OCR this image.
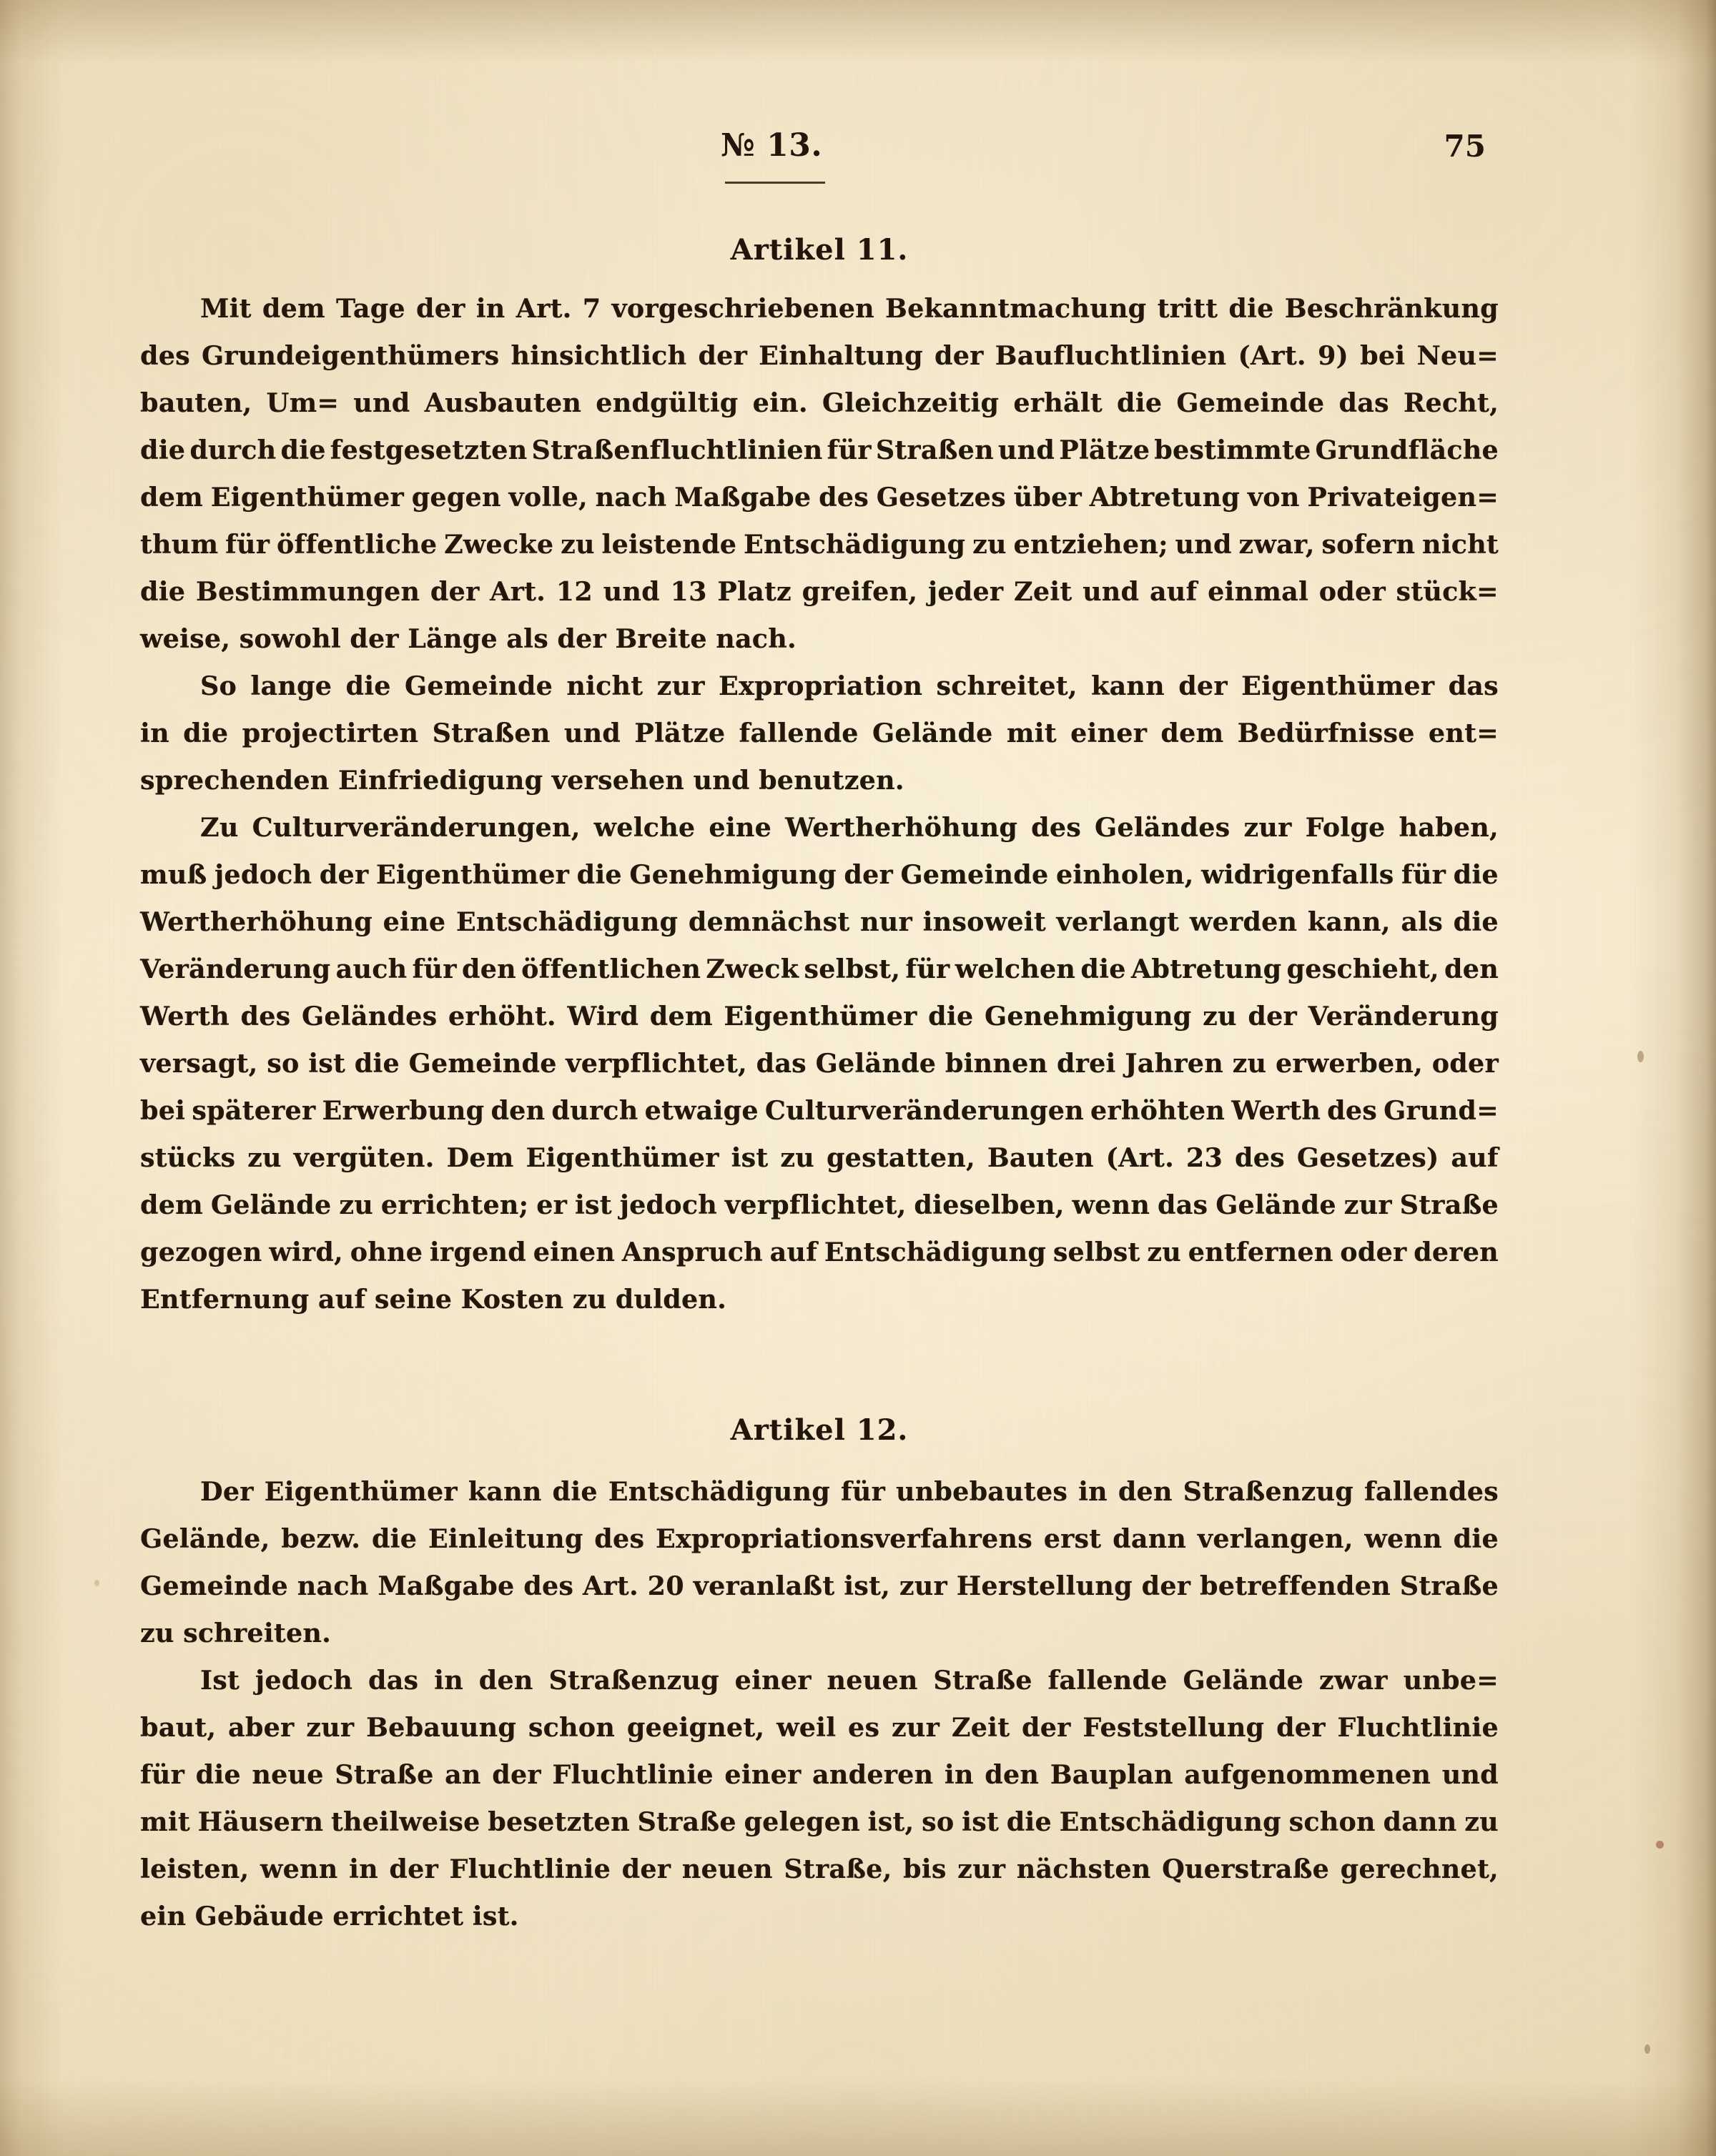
№ 13.	75
Artikel 11.
Mit dem Tage der in Art. 7 vorgeschriebenen Bekanntmachung tritt die Beschränkung
des Grundeigenthümers hinsichtlich der Einhaltung der Baufluchtlinien (Art. 9) bei Neu=
bauten, Um= und Ausbauten endgültig ein. Gleichzeitig erhält die Gemeinde das Recht,
die durch die festgesetzten Straßenfluchtlinien für Straßen und Plätze bestimmte Grundfläche
dem Eigenthümer gegen volle, nach Maßgabe des Gesetzes über Abtretung von Privateigen=
thum für öffentliche Zwecke zu leistende Entschädigung zu entziehen; und zwar, sofern nicht
die Bestimmungen der Art. 12 und 13 Platz greifen, jeder Zeit und auf einmal oder stück=
weise, sowohl der Länge als der Breite nach.
So lange die Gemeinde nicht zur Expropriation schreitet, kann der Eigenthümer das
in die projectirten Straßen und Plätze fallende Gelände mit einer dem Bedürfnisse ent=
sprechenden Einfriedigung versehen und benutzen.
Zu Culturveränderungen, welche eine Wertherhöhung des Geländes zur Folge haben,
muß jedoch der Eigenthümer die Genehmigung der Gemeinde einholen, widrigenfalls für die
Wertherhöhung eine Entschädigung demnächst nur insoweit verlangt werden kann, als die
Veränderung auch für den öffentlichen Zweck selbst, für welchen die Abtretung geschieht, den
Werth des Geländes erhöht. Wird dem Eigenthümer die Genehmigung zu der Veränderung
versagt, so ist die Gemeinde verpflichtet, das Gelände binnen drei Jahren zu erwerben, oder
bei späterer Erwerbung den durch etwaige Culturveränderungen erhöhten Werth des Grund=
stücks zu vergüten. Dem Eigenthümer ist zu gestatten, Bauten (Art. 23 des Gesetzes) auf
dem Gelände zu errichten; er ist jedoch verpflichtet, dieselben, wenn das Gelände zur Straße
gezogen wird, ohne irgend einen Anspruch auf Entschädigung selbst zu entfernen oder deren
Entfernung auf seine Kosten zu dulden.
Artikel 12.
Der Eigenthümer kann die Entschädigung für unbebautes in den Straßenzug fallendes
Gelände, bezw. die Einleitung des Expropriationsverfahrens erst dann verlangen, wenn die
Gemeinde nach Maßgabe des Art. 20 veranlaßt ist, zur Herstellung der betreffenden Straße
zu schreiten.
Ist jedoch das in den Straßenzug einer neuen Straße fallende Gelände zwar unbe=
baut, aber zur Bebauung schon geeignet, weil es zur Zeit der Feststellung der Fluchtlinie
für die neue Straße an der Fluchtlinie einer anderen in den Bauplan aufgenommenen und
mit Häusern theilweise besetzten Straße gelegen ist, so ist die Entschädigung schon dann zu
leisten, wenn in der Fluchtlinie der neuen Straße, bis zur nächsten Querstraße gerechnet,
ein Gebäude errichtet ist.
